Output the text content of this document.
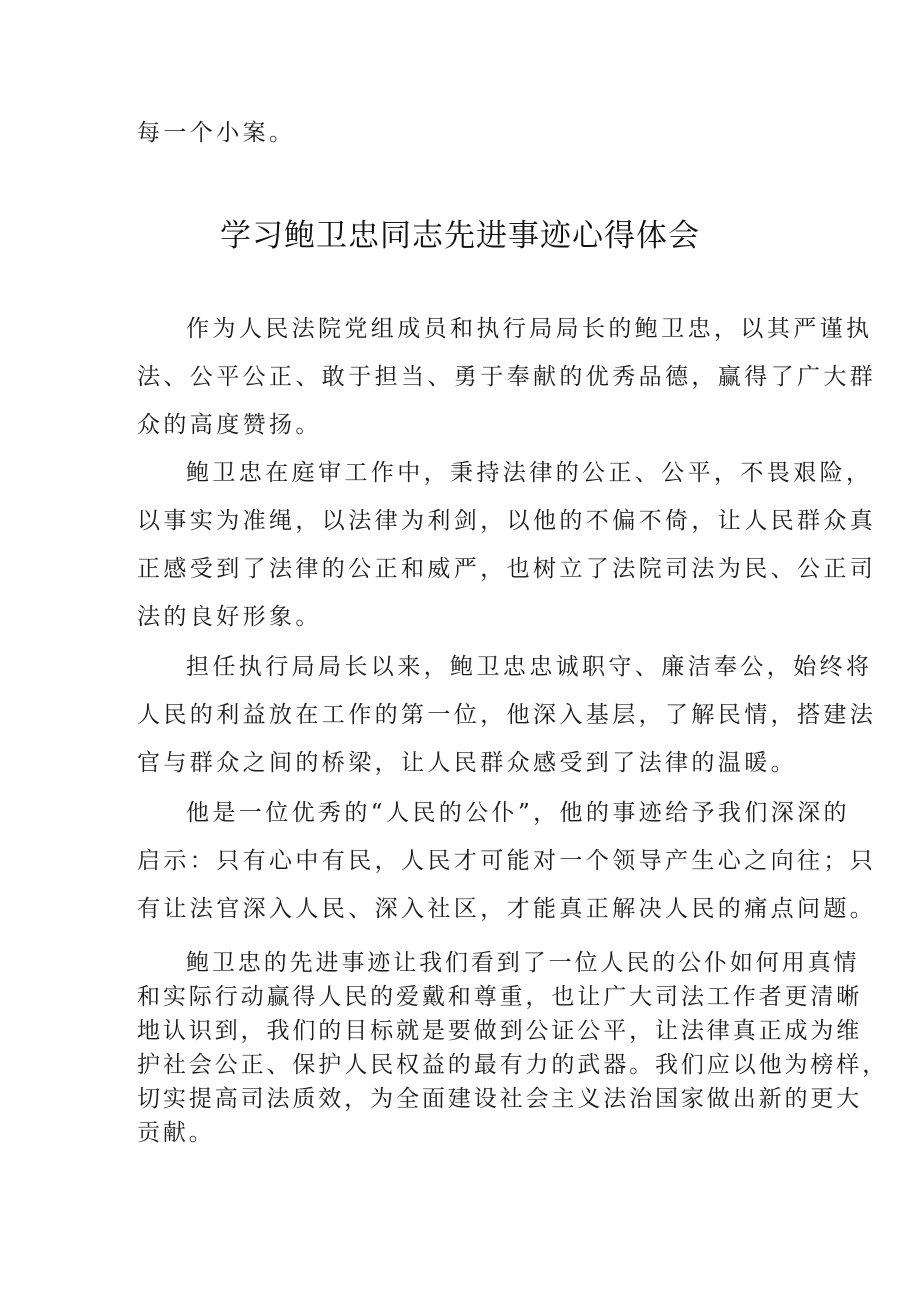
每一个小案。
学习鲍卫忠同志先进事迹心得体会
作为人民法院党组成员和执行局局长的鲍卫忠，以其严谨执
法、公平公正、敢于担当、勇于奉献的优秀品德，赢得了广大群
众的高度赞扬。
鲍卫忠在庭审工作中，秉持法律的公正、公平，不畏艰险，
以事实为准绳，以法律为利剑，以他的不偏不倚，让人民群众真
正感受到了法律的公正和威严，也树立了法院司法为民、公正司
法的良好形象。
担任执行局局长以来，鲍卫忠忠诚职守、廉洁奉公，始终将
人民的利益放在工作的第一位，他深入基层，了解民情，搭建法
官与群众之间的桥梁，让人民群众感受到了法律的温暖。
他是一位优秀的“人民的公仆”，他的事迹给予我们深深的
启示：只有心中有民，人民才可能对一个领导产生心之向往；只
有让法官深入人民、深入社区，才能真正解决人民的痛点问题。
鲍卫忠的先进事迹让我们看到了一位人民的公仆如何用真情
和实际行动赢得人民的爱戴和尊重，也让广大司法工作者更清晰
地认识到，我们的目标就是要做到公证公平，让法律真正成为维
护社会公正、保护人民权益的最有力的武器。我们应以他为榜样，
切实提高司法质效，为全面建设社会主义法治国家做出新的更大
贡献。
